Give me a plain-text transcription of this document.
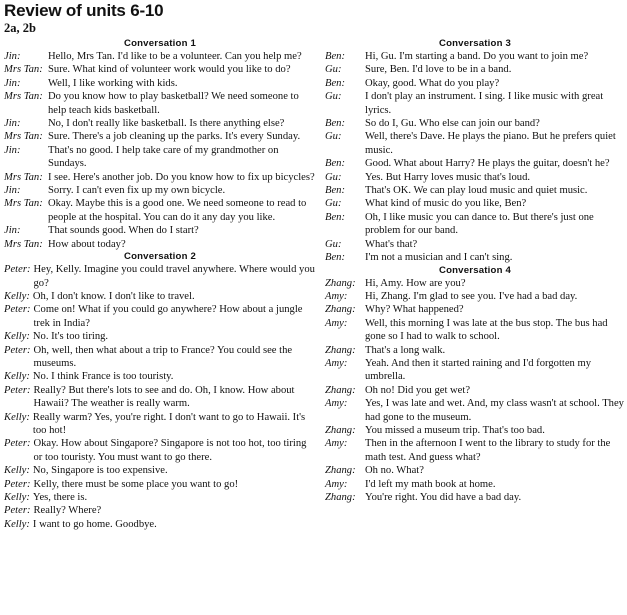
Review of units 6-10
2a, 2b
Conversation 1
Jin:	Hello, Mrs Tan. I'd like to be a volunteer. Can you help me?
Mrs Tan: Sure. What kind of volunteer work would you like to do?
Jin:	Well, I like working with kids.
Mrs Tan: Do you know how to play basketball? We need someone to help teach kids basketball.
Jin:	No, I don't really like basketball. Is there anything else?
Mrs Tan: Sure. There's a job cleaning up the parks. It's every Sunday.
Jin:	That's no good. I help take care of my grandmother on Sundays.
Mrs Tan: I see. Here's another job. Do you know how to fix up bicycles?
Jin:	Sorry. I can't even fix up my own bicycle.
Mrs Tan: Okay. Maybe this is a good one. We need someone to read to people at the hospital. You can do it any day you like.
Jin:	That sounds good. When do I start?
Mrs Tan: How about today?
Conversation 2
Peter: Hey, Kelly. Imagine you could travel anywhere. Where would you go?
Kelly: Oh, I don't know. I don't like to travel.
Peter: Come on! What if you could go anywhere? How about a jungle trek in India?
Kelly: No. It's too tiring.
Peter: Oh, well, then what about a trip to France? You could see the museums.
Kelly: No. I think France is too touristy.
Peter: Really? But there's lots to see and do. Oh, I know. How about Hawaii? The weather is really warm.
Kelly: Really warm? Yes, you're right. I don't want to go to Hawaii. It's too hot!
Peter: Okay. How about Singapore? Singapore is not too hot, too tiring or too touristy. You must want to go there.
Kelly: No, Singapore is too expensive.
Peter: Kelly, there must be some place you want to go!
Kelly: Yes, there is.
Peter: Really? Where?
Kelly: I want to go home. Goodbye.
Conversation 3
Ben:	Hi, Gu. I'm starting a band. Do you want to join me?
Gu:	Sure, Ben. I'd love to be in a band.
Ben:	Okay, good. What do you play?
Gu:	I don't play an instrument. I sing. I like music with great lyrics.
Ben:	So do I, Gu. Who else can join our band?
Gu:	Well, there's Dave. He plays the piano. But he prefers quiet music.
Ben:	Good. What about Harry? He plays the guitar, doesn't he?
Gu:	Yes. But Harry loves music that's loud.
Ben:	That's OK. We can play loud music and quiet music.
Gu:	What kind of music do you like, Ben?
Ben:	Oh, I like music you can dance to. But there's just one problem for our band.
Gu:	What's that?
Ben:	I'm not a musician and I can't sing.
Conversation 4
Zhang: Hi, Amy. How are you?
Amy:	Hi, Zhang. I'm glad to see you. I've had a bad day.
Zhang: Why? What happened?
Amy:	Well, this morning I was late at the bus stop. The bus had gone so I had to walk to school.
Zhang: That's a long walk.
Amy:	Yeah. And then it started raining and I'd forgotten my umbrella.
Zhang: Oh no! Did you get wet?
Amy:	Yes, I was late and wet. And, my class wasn't at school. They had gone to the museum.
Zhang: You missed a museum trip. That's too bad.
Amy:	Then in the afternoon I went to the library to study for the math test. And guess what?
Zhang: Oh no. What?
Amy:	I'd left my math book at home.
Zhang: You're right. You did have a bad day.
